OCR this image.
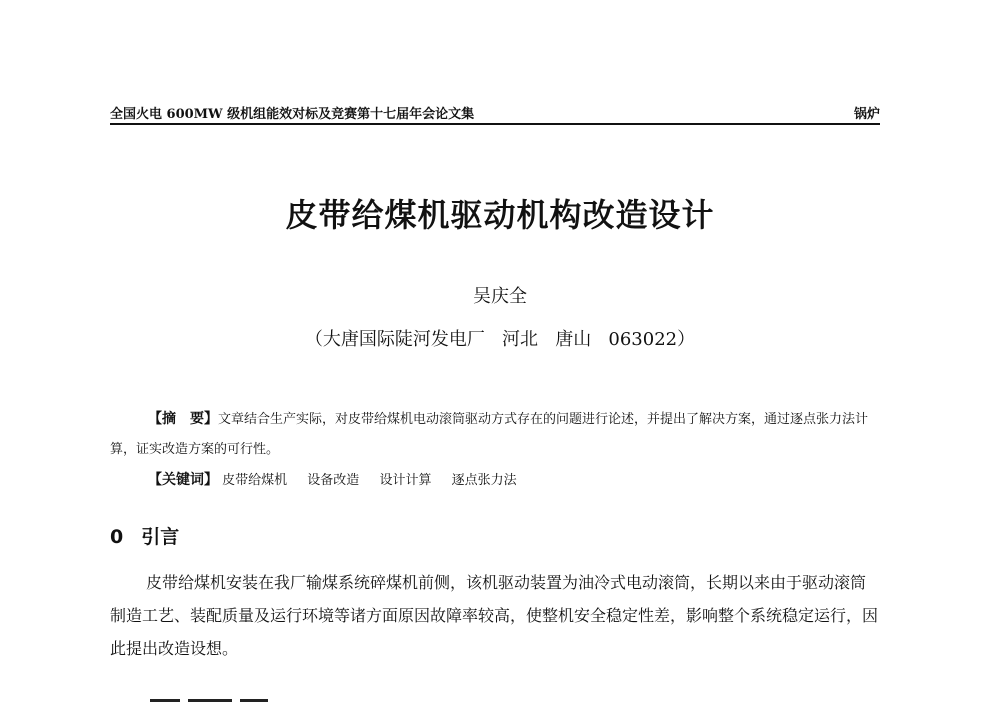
全国火电 600MW 级机组能效对标及竞赛第十七届年会论文集	锅炉
皮带给煤机驱动机构改造设计
吴庆全
（大唐国际陡河发电厂   河北   唐山   063022）

【摘　要】文章结合生产实际，对皮带给煤机电动滚筒驱动方式存在的问题进行论述，并提出了解决方案，通过逐点张力法计算，证实改造方案的可行性。

【关键词】 皮带给煤机 设备改造 设计计算 逐点张力法

0 引言

皮带给煤机安装在我厂输煤系统碎煤机前侧，该机驱动装置为油冷式电动滚筒，长期以来由于驱动滚筒制造工艺、装配质量及运行环境等诸方面原因故障率较高，使整机安全稳定性差，影响整个系统稳定运行，因此提出改造设想。
